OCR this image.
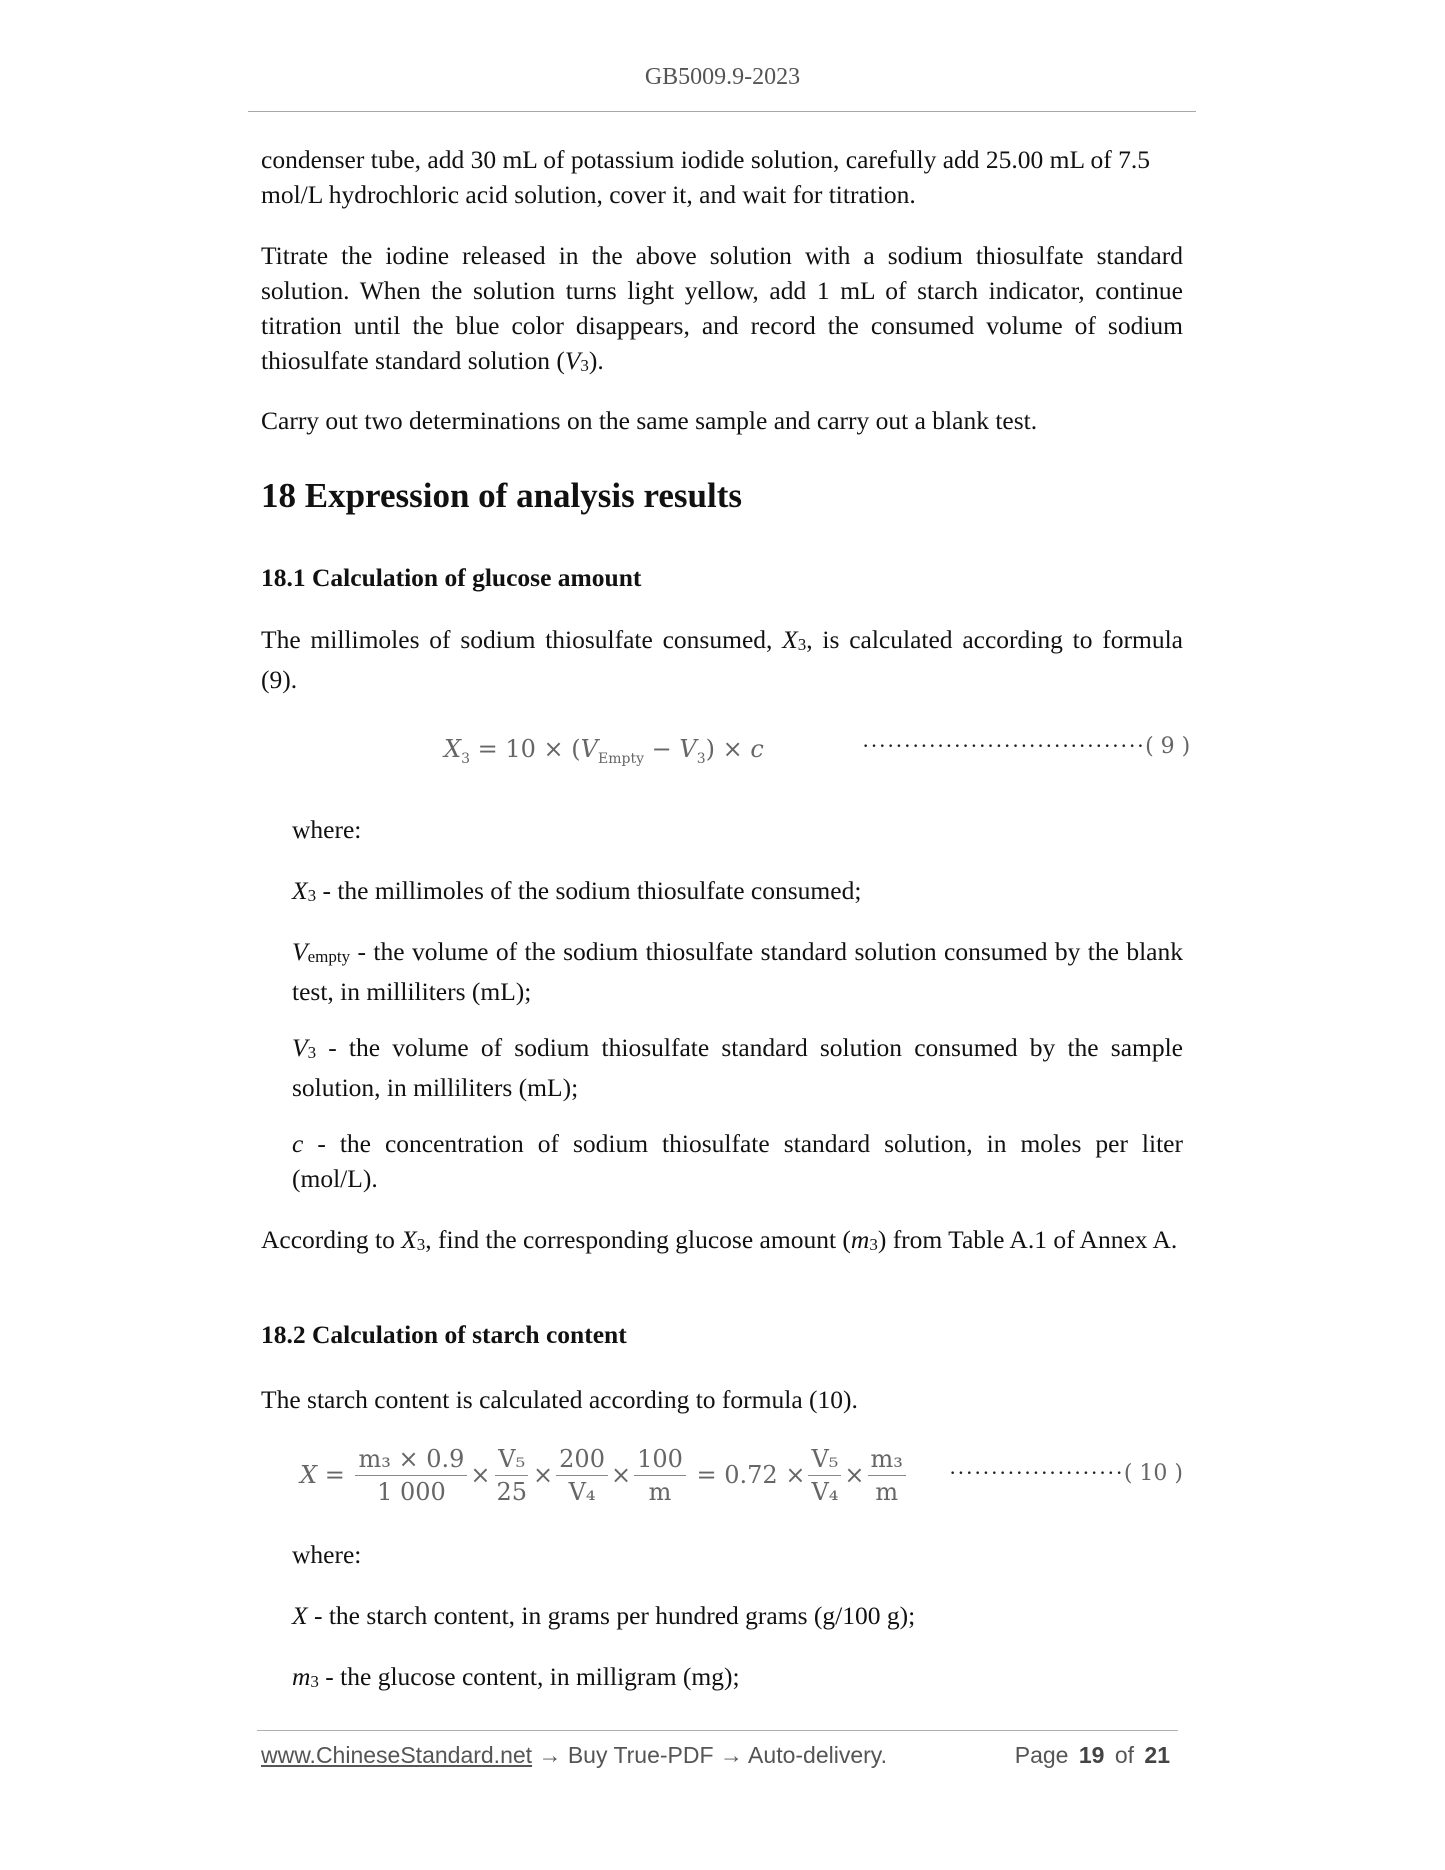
GB5009.9-2023
condenser tube, add 30 mL of potassium iodide solution, carefully add 25.00 mL of 7.5
mol/L hydrochloric acid solution, cover it, and wait for titration.
Titrate the iodine released in the above solution with a sodium thiosulfate standard solution. When the solution turns light yellow, add 1 mL of starch indicator, continue titration until the blue color disappears, and record the consumed volume of sodium thiosulfate standard solution (V3).
Carry out two determinations on the same sample and carry out a blank test.
18 Expression of analysis results
18.1 Calculation of glucose amount
The millimoles of sodium thiosulfate consumed, X3, is calculated according to formula (9).
$X_3 = 10 \times (V_{Empty} - V_3) \times c$	··································( 9 )
where:
X3 - the millimoles of the sodium thiosulfate consumed;
Vempty - the volume of the sodium thiosulfate standard solution consumed by the blank test, in milliliters (mL);
V3 - the volume of sodium thiosulfate standard solution consumed by the sample solution, in milliliters (mL);
c - the concentration of sodium thiosulfate standard solution, in moles per liter (mol/L).
According to X3, find the corresponding glucose amount (m3) from Table A.1 of Annex A.
18.2 Calculation of starch content
The starch content is calculated according to formula (10).
$X = \frac{\text{m₃ × 0.9}}{1 000} \times \frac{\text{V₅}}{25} \times \frac{200}{\text{V₄}} \times \frac{100}{m} = 0.72 \times \frac{\text{V₅}}{\text{V₄}} \times \frac{\text{m₃}}{m}$	·····················( 10 )
where:
X - the starch content, in grams per hundred grams (g/100 g);
m3 - the glucose content, in milligram (mg);
www.ChineseStandard.net → Buy True-PDF → Auto-delivery.	Page 19 of 21
